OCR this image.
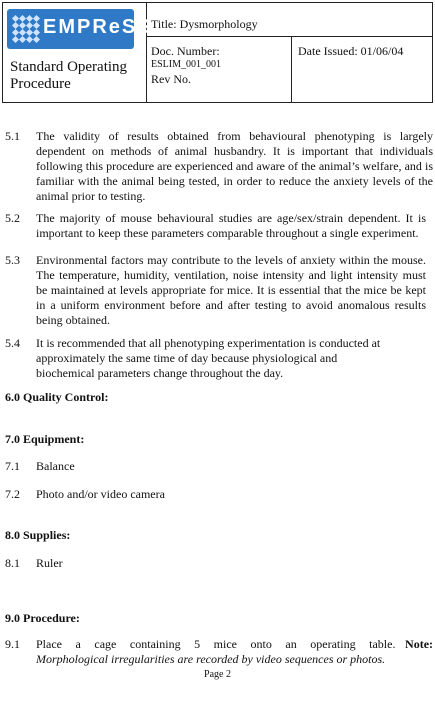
EMPReSS
Standard Operating Procedure
Title: Dysmorphology
Doc. Number:
ESLIM_001_001
Rev No.
Date Issued: 01/06/04
5.1 The validity of results obtained from behavioural phenotyping is largely dependent on methods of animal husbandry. It is important that individuals following this procedure are experienced and aware of the animal’s welfare, and is familiar with the animal being tested, in order to reduce the anxiety levels of the animal prior to testing.
5.2 The majority of mouse behavioural studies are age/sex/strain dependent. It is important to keep these parameters comparable throughout a single experiment.
5.3 Environmental factors may contribute to the levels of anxiety within the mouse. The temperature, humidity, ventilation, noise intensity and light intensity must be maintained at levels appropriate for mice. It is essential that the mice be kept in a uniform environment before and after testing to avoid anomalous results being obtained.
5.4 It is recommended that all phenotyping experimentation is conducted at approximately the same time of day because physiological and biochemical parameters change throughout the day.
6.0 Quality Control:
7.0 Equipment:
7.1 Balance
7.2 Photo and/or video camera
8.0 Supplies:
8.1 Ruler
9.0 Procedure:
9.1 Place a cage containing 5 mice onto an operating table. Note: Morphological irregularities are recorded by video sequences or photos.
Page 2
